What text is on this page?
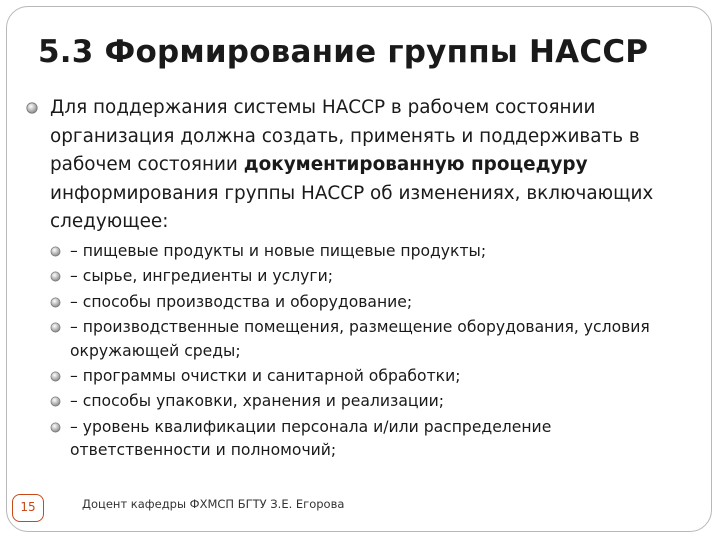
5.3 Формирование группы НАССР
Для поддержания системы НАССР в рабочем состоянии организация должна создать, применять и поддерживать в рабочем состоянии документированную процедуру информирования группы НАССР об изменениях, включающих следующее:
– пищевые продукты и новые пищевые продукты;
– сырье, ингредиенты и услуги;
– способы производства и оборудование;
– производственные помещения, размещение оборудования, условия окружающей среды;
– программы очистки и санитарной обработки;
– способы упаковки, хранения и реализации;
– уровень квалификации персонала и/или распределение ответственности и полномочий;
Доцент кафедры ФХМСП БГТУ З.Е. Егорова
15
